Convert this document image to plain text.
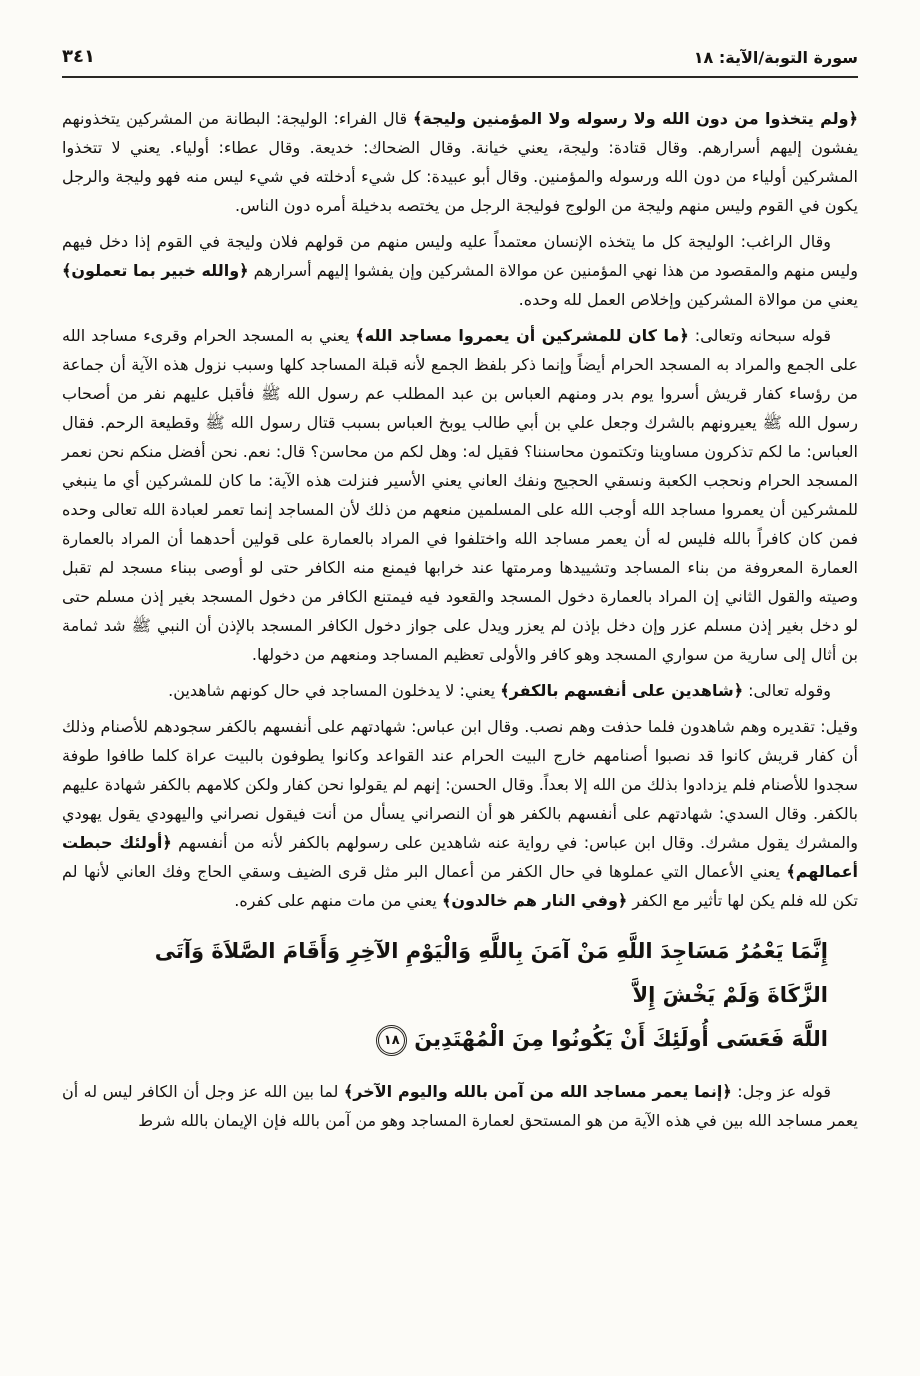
سورة التوبة/الآية: ١٨
٣٤١

﴿ولم يتخذوا من دون الله ولا رسوله ولا المؤمنين وليجة﴾ قال الفراء: الوليجة: البطانة من المشركين يتخذونهم يفشون إليهم أسرارهم. وقال قتادة: وليجة، يعني خيانة. وقال الضحاك: خديعة. وقال عطاء: أولياء. يعني لا تتخذوا المشركين أولياء من دون الله ورسوله والمؤمنين. وقال أبو عبيدة: كل شيء أدخلته في شيء ليس منه فهو وليجة والرجل يكون في القوم وليس منهم وليجة من الولوج فوليجة الرجل من يختصه بدخيلة أمره دون الناس.

وقال الراغب: الوليجة كل ما يتخذه الإنسان معتمداً عليه وليس منهم من قولهم فلان وليجة في القوم إذا دخل فيهم وليس منهم والمقصود من هذا نهي المؤمنين عن موالاة المشركين وإن يفشوا إليهم أسرارهم ﴿والله خبير بما تعملون﴾ يعني من موالاة المشركين وإخلاص العمل لله وحده.

قوله سبحانه وتعالى: ﴿ما كان للمشركين أن يعمروا مساجد الله﴾ يعني به المسجد الحرام وقرىء مساجد الله على الجمع والمراد به المسجد الحرام أيضاً وإنما ذكر بلفظ الجمع لأنه قبلة المساجد كلها وسبب نزول هذه الآية أن جماعة من رؤساء كفار قريش أسروا يوم بدر ومنهم العباس بن عبد المطلب عم رسول الله ﷺ فأقبل عليهم نفر من أصحاب رسول الله ﷺ يعيرونهم بالشرك وجعل علي بن أبي طالب يوبخ العباس بسبب قتال رسول الله ﷺ وقطيعة الرحم. فقال العباس: ما لكم تذكرون مساوينا وتكتمون محاسننا؟ فقيل له: وهل لكم من محاسن؟ قال: نعم. نحن أفضل منكم نحن نعمر المسجد الحرام ونحجب الكعبة ونسقي الحجيج ونفك العاني يعني الأسير فنزلت هذه الآية: ما كان للمشركين أي ما ينبغي للمشركين أن يعمروا مساجد الله أوجب الله على المسلمين منعهم من ذلك لأن المساجد إنما تعمر لعبادة الله تعالى وحده فمن كان كافراً بالله فليس له أن يعمر مساجد الله واختلفوا في المراد بالعمارة على قولين أحدهما أن المراد بالعمارة العمارة المعروفة من بناء المساجد وتشييدها ومرمتها عند خرابها فيمنع منه الكافر حتى لو أوصى ببناء مسجد لم تقبل وصيته والقول الثاني إن المراد بالعمارة دخول المسجد والقعود فيه فيمتنع الكافر من دخول المسجد بغير إذن مسلم حتى لو دخل بغير إذن مسلم عزر وإن دخل بإذن لم يعزر ويدل على جواز دخول الكافر المسجد بالإذن أن النبي ﷺ شد ثمامة بن أثال إلى سارية من سواري المسجد وهو كافر والأولى تعظيم المساجد ومنعهم من دخولها.

وقوله تعالى: ﴿شاهدين على أنفسهم بالكفر﴾ يعني: لا يدخلون المساجد في حال كونهم شاهدين.

وقيل: تقديره وهم شاهدون فلما حذفت وهم نصب. وقال ابن عباس: شهادتهم على أنفسهم بالكفر سجودهم للأصنام وذلك أن كفار قريش كانوا قد نصبوا أصنامهم خارج البيت الحرام عند القواعد وكانوا يطوفون بالبيت عراة كلما طافوا طوفة سجدوا للأصنام فلم يزدادوا بذلك من الله إلا بعداً. وقال الحسن: إنهم لم يقولوا نحن كفار ولكن كلامهم بالكفر شهادة عليهم بالكفر. وقال السدي: شهادتهم على أنفسهم بالكفر هو أن النصراني يسأل من أنت فيقول نصراني واليهودي يقول يهودي والمشرك يقول مشرك. وقال ابن عباس: في رواية عنه شاهدين على رسولهم بالكفر لأنه من أنفسهم ﴿أولئك حبطت أعمالهم﴾ يعني الأعمال التي عملوها في حال الكفر من أعمال البر مثل قرى الضيف وسقي الحاج وفك العاني لأنها لم تكن لله فلم يكن لها تأثير مع الكفر ﴿وفي النار هم خالدون﴾ يعني من مات منهم على كفره.

إِنَّمَا يَعْمُرُ مَسَاجِدَ اللَّهِ مَنْ آمَنَ بِاللَّهِ وَالْيَوْمِ الآخِرِ وَأَقَامَ الصَّلاَةَ وَآتَى الزَّكَاةَ وَلَمْ يَخْشَ إِلاَّ
اللَّهَ فَعَسَى أُولَئِكَ أَنْ يَكُونُوا مِنَ الْمُهْتَدِينَ١٨

قوله عز وجل: ﴿إنما يعمر مساجد الله من آمن بالله واليوم الآخر﴾ لما بين الله عز وجل أن الكافر ليس له أن يعمر مساجد الله بين في هذه الآية من هو المستحق لعمارة المساجد وهو من آمن بالله فإن الإيمان بالله شرط
